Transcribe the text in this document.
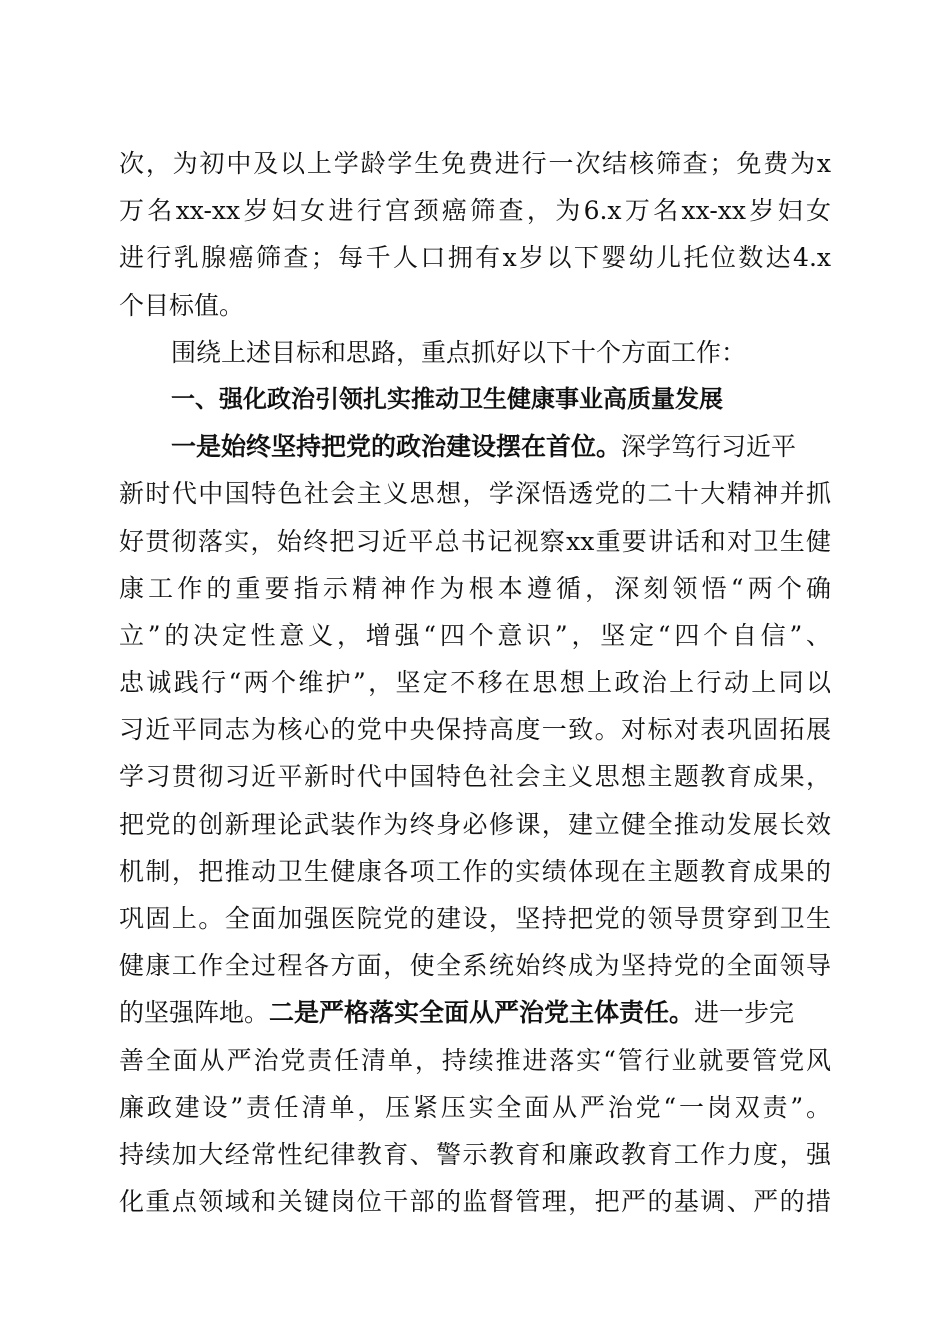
次，为初中及以上学龄学生免费进行一次结核筛查；免费为x
万名xx-xx岁妇女进行宫颈癌筛查，为6.x万名xx-xx岁妇女
进行乳腺癌筛查；每千人口拥有x岁以下婴幼儿托位数达4.x
个目标值。
围绕上述目标和思路，重点抓好以下十个方面工作：
一、强化政治引领扎实推动卫生健康事业高质量发展
一是始终坚持把党的政治建设摆在首位。深学笃行习近平
新时代中国特色社会主义思想，学深悟透党的二十大精神并抓
好贯彻落实，始终把习近平总书记视察xx重要讲话和对卫生健
康工作的重要指示精神作为根本遵循，深刻领悟“两个确
立”的决定性意义，增强“四个意识”，坚定“四个自信”、
忠诚践行“两个维护”，坚定不移在思想上政治上行动上同以
习近平同志为核心的党中央保持高度一致。对标对表巩固拓展
学习贯彻习近平新时代中国特色社会主义思想主题教育成果，
把党的创新理论武装作为终身必修课，建立健全推动发展长效
机制，把推动卫生健康各项工作的实绩体现在主题教育成果的
巩固上。全面加强医院党的建设，坚持把党的领导贯穿到卫生
健康工作全过程各方面，使全系统始终成为坚持党的全面领导
的坚强阵地。二是严格落实全面从严治党主体责任。进一步完
善全面从严治党责任清单，持续推进落实“管行业就要管党风
廉政建设”责任清单，压紧压实全面从严治党“一岗双责”。
持续加大经常性纪律教育、警示教育和廉政教育工作力度，强
化重点领域和关键岗位干部的监督管理，把严的基调、严的措
